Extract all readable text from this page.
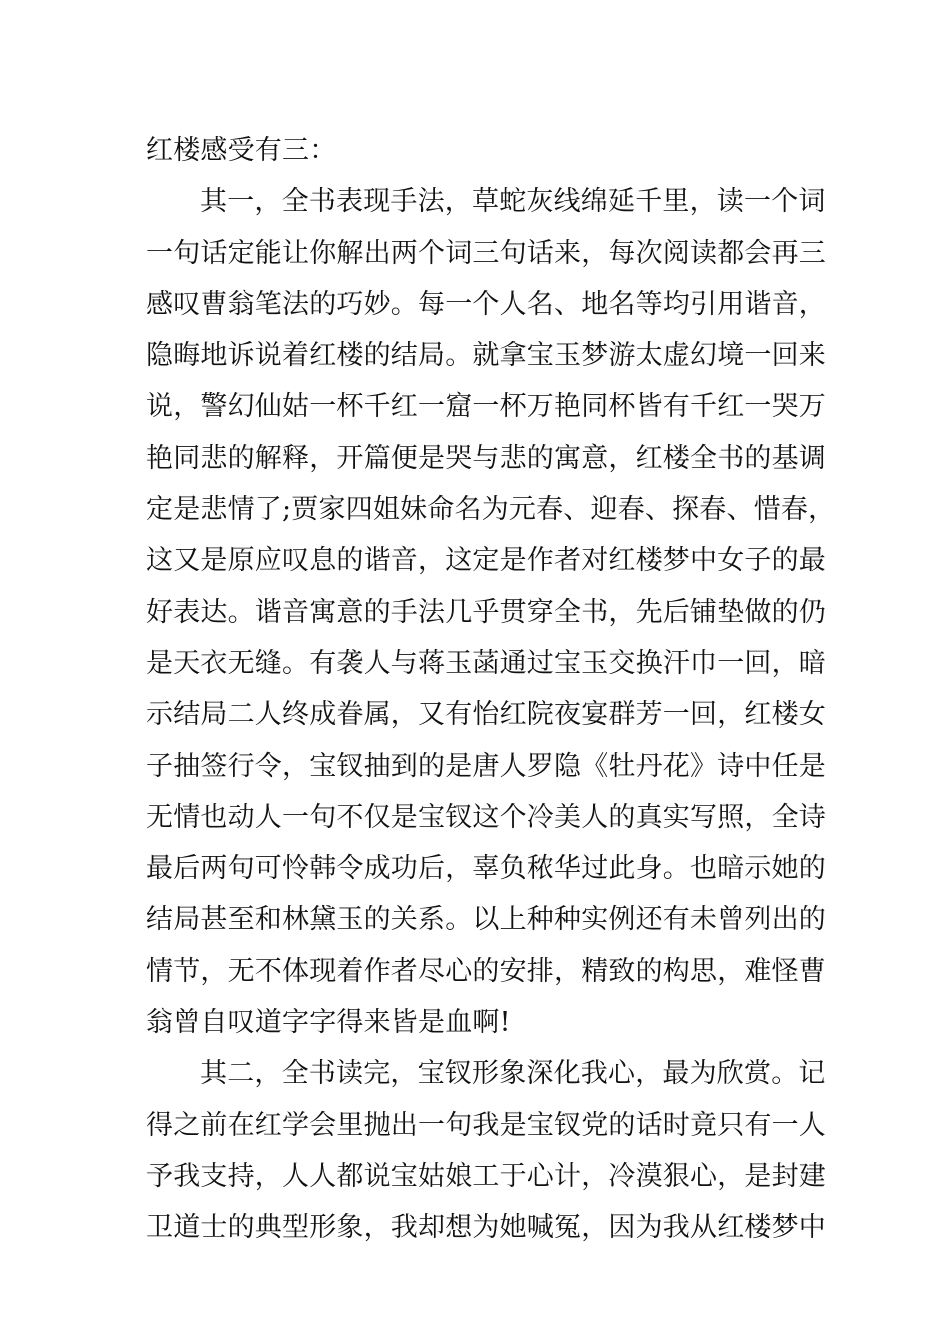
红楼感受有三：
其一，全书表现手法，草蛇灰线绵延千里，读一个词
一句话定能让你解出两个词三句话来，每次阅读都会再三
感叹曹翁笔法的巧妙。每一个人名、地名等均引用谐音，
隐晦地诉说着红楼的结局。就拿宝玉梦游太虚幻境一回来
说，警幻仙姑一杯千红一窟一杯万艳同杯皆有千红一哭万
艳同悲的解释，开篇便是哭与悲的寓意，红楼全书的基调
定是悲情了;贾家四姐妹命名为元春、迎春、探春、惜春，
这又是原应叹息的谐音，这定是作者对红楼梦中女子的最
好表达。谐音寓意的手法几乎贯穿全书，先后铺垫做的仍
是天衣无缝。有袭人与蒋玉菡通过宝玉交换汗巾一回，暗
示结局二人终成眷属，又有怡红院夜宴群芳一回，红楼女
子抽签行令，宝钗抽到的是唐人罗隐《牡丹花》诗中任是
无情也动人一句不仅是宝钗这个冷美人的真实写照，全诗
最后两句可怜韩令成功后，辜负秾华过此身。也暗示她的
结局甚至和林黛玉的关系。以上种种实例还有未曾列出的
情节，无不体现着作者尽心的安排，精致的构思，难怪曹
翁曾自叹道字字得来皆是血啊!
其二，全书读完，宝钗形象深化我心，最为欣赏。记
得之前在红学会里抛出一句我是宝钗党的话时竟只有一人
予我支持，人人都说宝姑娘工于心计，冷漠狠心，是封建
卫道士的典型形象，我却想为她喊冤，因为我从红楼梦中
